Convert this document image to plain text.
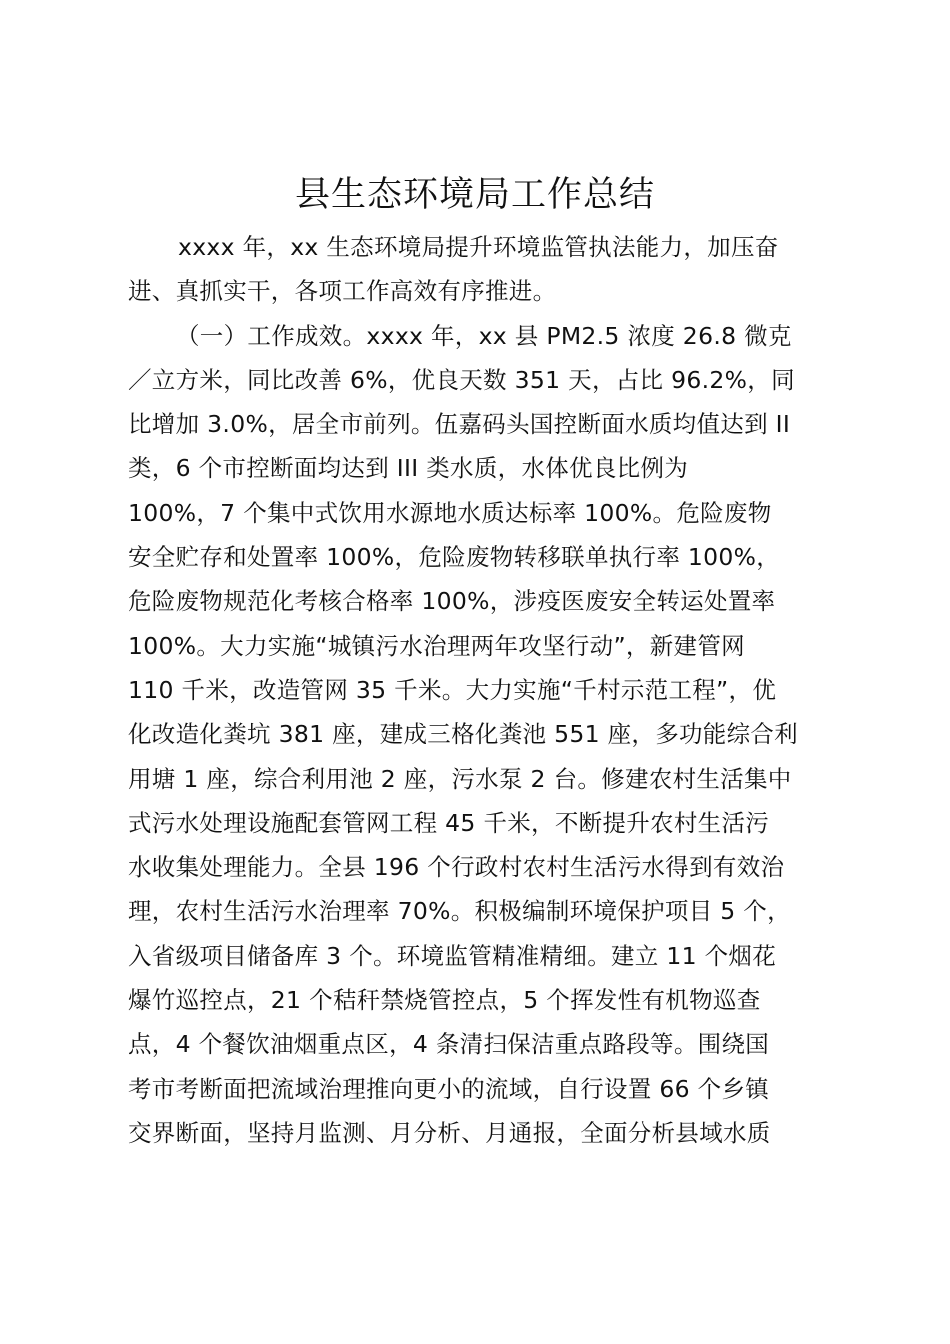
县生态环境局工作总结
xxxx 年，xx 生态环境局提升环境监管执法能力，加压奋
进、真抓实干，各项工作高效有序推进。
（一）工作成效。xxxx 年，xx 县 PM2.5 浓度 26.8 微克
／立方米，同比改善 6%，优良天数 351 天，占比 96.2%，同
比增加 3.0%，居全市前列。伍嘉码头国控断面水质均值达到 II
类，6 个市控断面均达到 III 类水质，水体优良比例为
100%，7 个集中式饮用水源地水质达标率 100%。危险废物
安全贮存和处置率 100%，危险废物转移联单执行率 100%，
危险废物规范化考核合格率 100%，涉疫医废安全转运处置率
100%。大力实施“城镇污水治理两年攻坚行动”，新建管网
110 千米，改造管网 35 千米。大力实施“千村示范工程”，优
化改造化粪坑 381 座，建成三格化粪池 551 座，多功能综合利
用塘 1 座，综合利用池 2 座，污水泵 2 台。修建农村生活集中
式污水处理设施配套管网工程 45 千米，不断提升农村生活污
水收集处理能力。全县 196 个行政村农村生活污水得到有效治
理，农村生活污水治理率 70%。积极编制环境保护项目 5 个，
入省级项目储备库 3 个。环境监管精准精细。建立 11 个烟花
爆竹巡控点，21 个秸秆禁烧管控点，5 个挥发性有机物巡查
点，4 个餐饮油烟重点区，4 条清扫保洁重点路段等。围绕国
考市考断面把流域治理推向更小的流域，自行设置 66 个乡镇
交界断面，坚持月监测、月分析、月通报，全面分析县域水质
